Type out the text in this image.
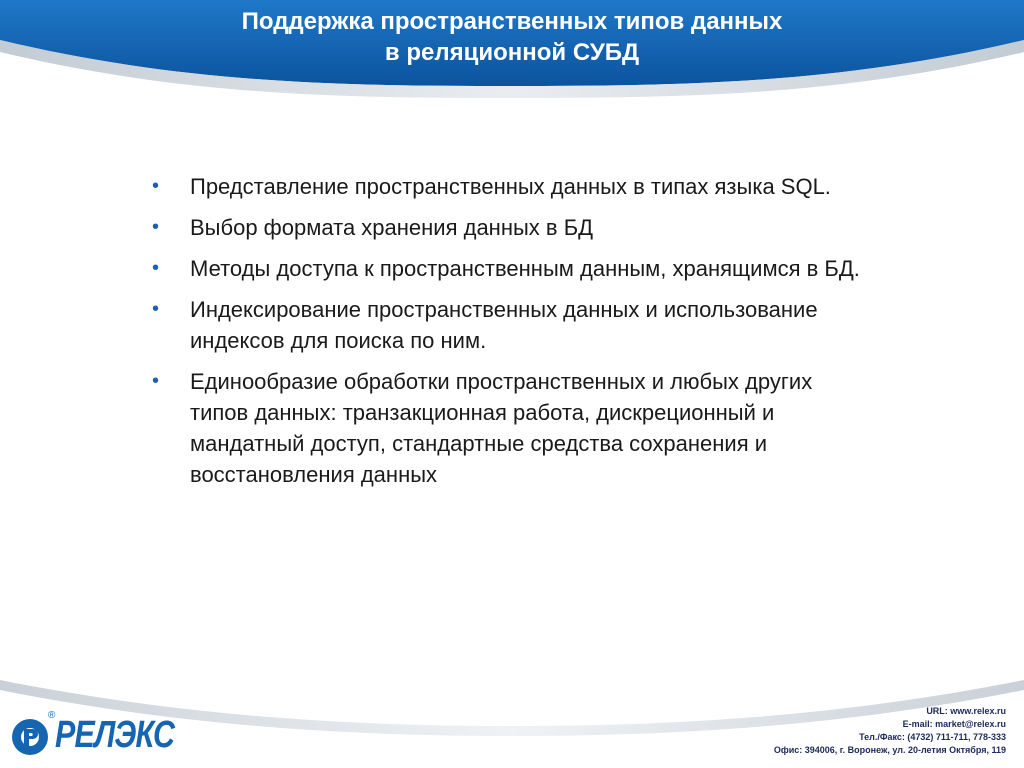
Поддержка пространственных типов данных
в реляционной СУБД
• Представление пространственных данных в типах языка SQL.
• Выбор формата хранения данных в БД
• Методы доступа к пространственным данным, хранящимся в БД.
• Индексирование пространственных данных и использование индексов для поиска по ним.
• Единообразие обработки пространственных и любых других типов данных: транзакционная работа, дискреционный и мандатный доступ, стандартные средства сохранения и восстановления данных
® РЕЛЭКС
URL: www.relex.ru
E-mail: market@relex.ru
Тел./Факс: (4732) 711-711, 778-333
Офис: 394006, г. Воронеж, ул. 20-летия Октября, 119
